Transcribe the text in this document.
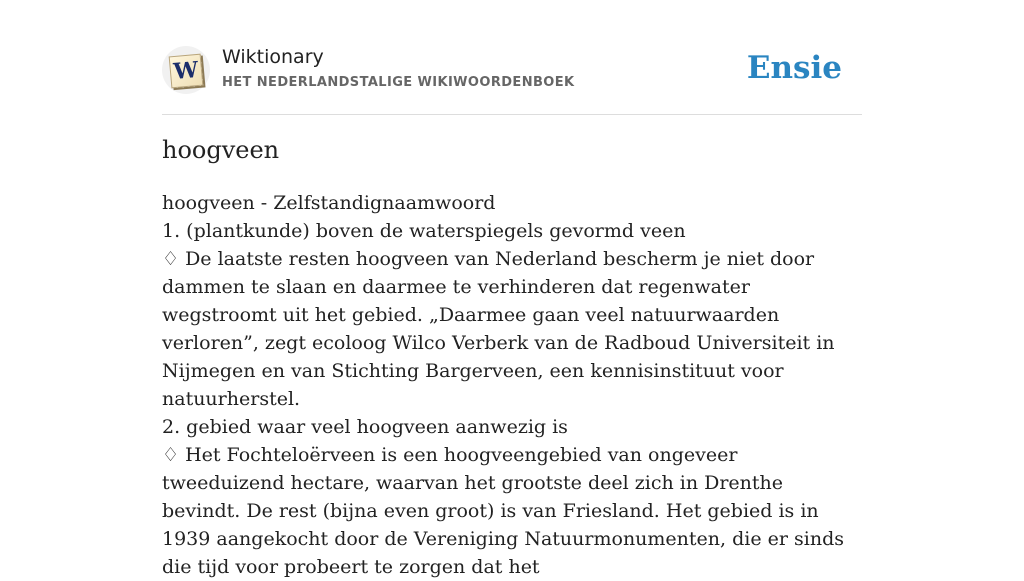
W Wiktionary
HET NEDERLANDSTALIGE WIKIWOORDENBOEK	Ensie
hoogveen

hoogveen - Zelfstandignaamwoord

1. (plantkunde) boven de waterspiegels gevormd veen

♢ De laatste resten hoogveen van Nederland bescherm je niet door dammen te slaan en daarmee te verhinderen dat regenwater wegstroomt uit het gebied. „Daarmee gaan veel natuurwaarden verloren”, zegt ecoloog Wilco Verberk van de Radboud Universiteit in Nijmegen en van Stichting Bargerveen, een kennisinstituut voor natuurherstel.

2. gebied waar veel hoogveen aanwezig is

♢ Het Fochteloërveen is een hoogveengebied van ongeveer tweeduizend hectare, waarvan het grootste deel zich in Drenthe bevindt. De rest (bijna even groot) is van Friesland. Het gebied is in 1939 aangekocht door de Vereniging Natuurmonumenten, die er sinds die tijd voor probeert te zorgen dat het
